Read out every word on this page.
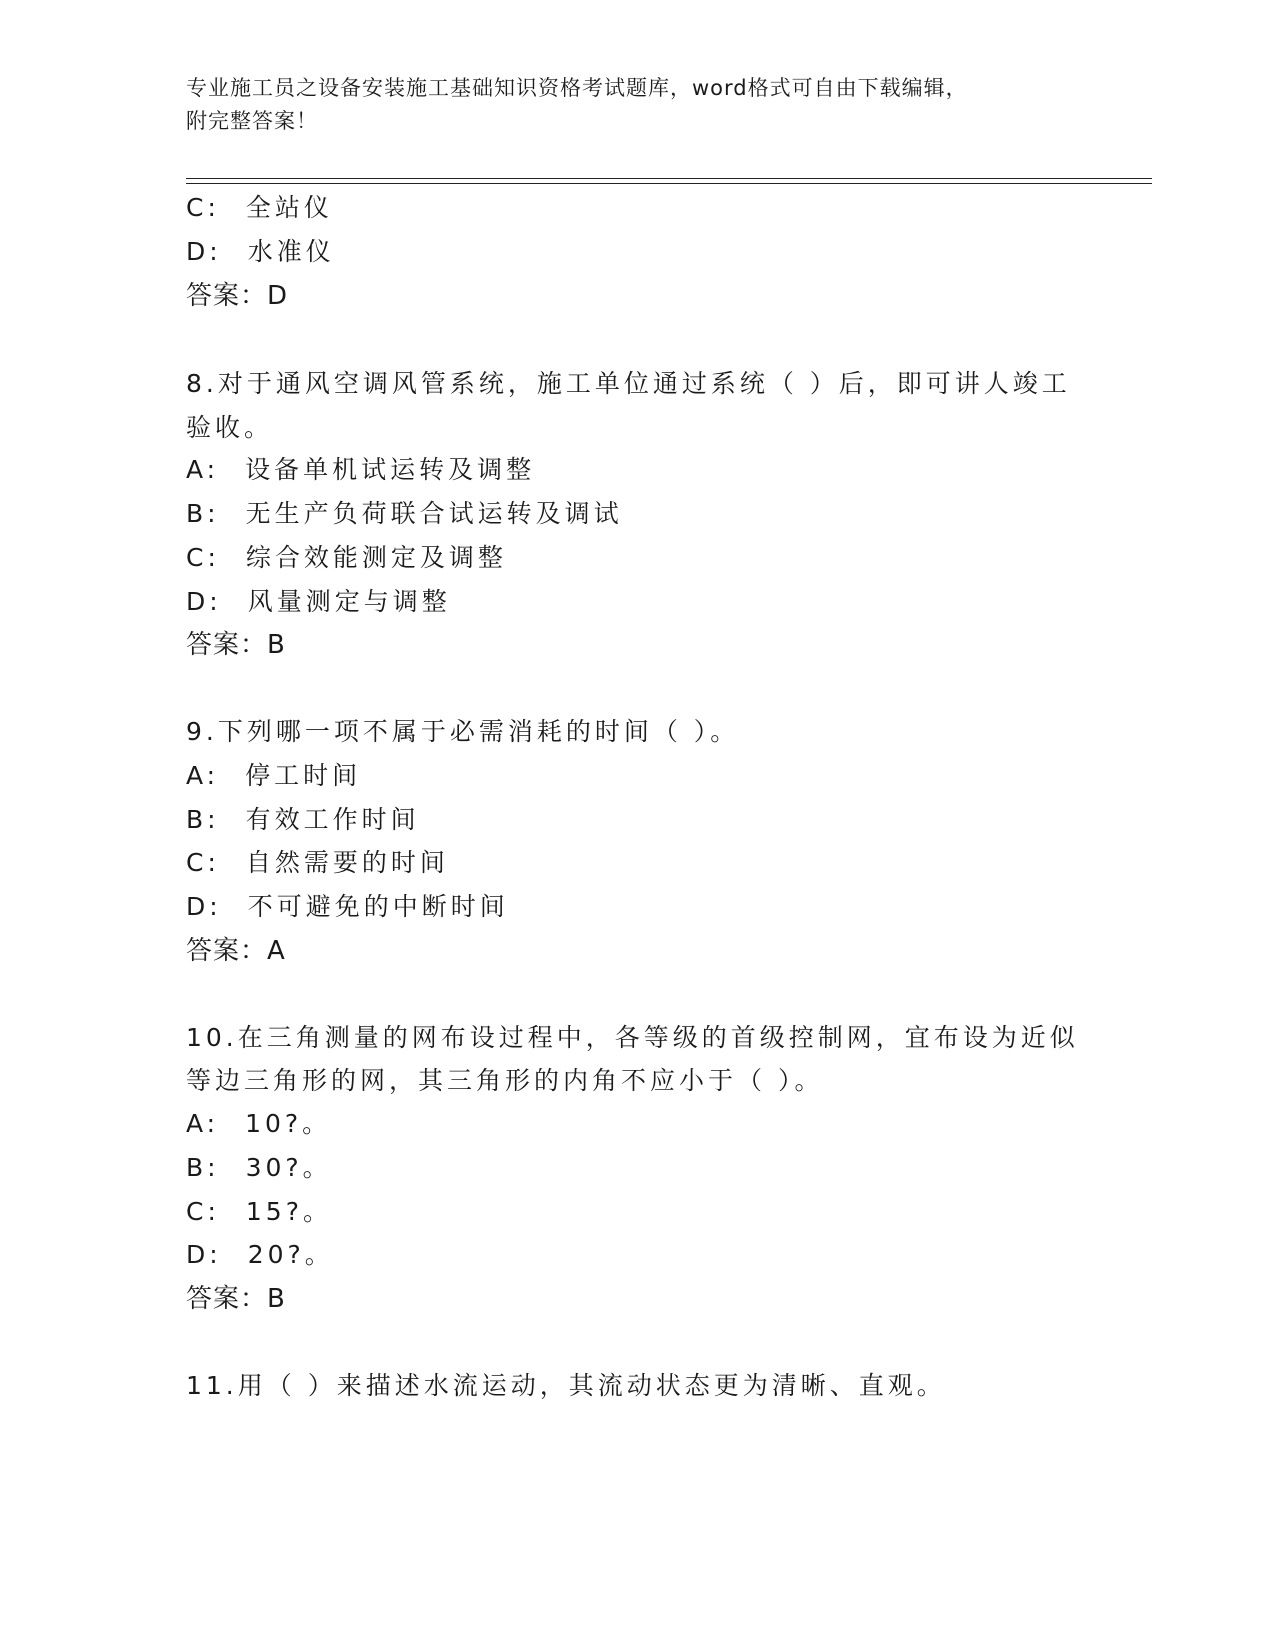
专业施工员之设备安装施工基础知识资格考试题库，word格式可自由下载编辑，
附完整答案！
C: 全站仪
D: 水准仪
答案：D
8.对于通风空调风管系统，施工单位通过系统（ ）后，即可讲人竣工
验收。
A: 设备单机试运转及调整
B: 无生产负荷联合试运转及调试
C: 综合效能测定及调整
D: 风量测定与调整
答案：B
9.下列哪一项不属于必需消耗的时间（ ）。
A: 停工时间
B: 有效工作时间
C: 自然需要的时间
D: 不可避免的中断时间
答案：A
10.在三角测量的网布设过程中，各等级的首级控制网，宜布设为近似
等边三角形的网，其三角形的内角不应小于（ ）。
A: 10?。
B: 30?。
C: 15?。
D: 20?。
答案：B
11.用（ ）来描述水流运动，其流动状态更为清晰、直观。
